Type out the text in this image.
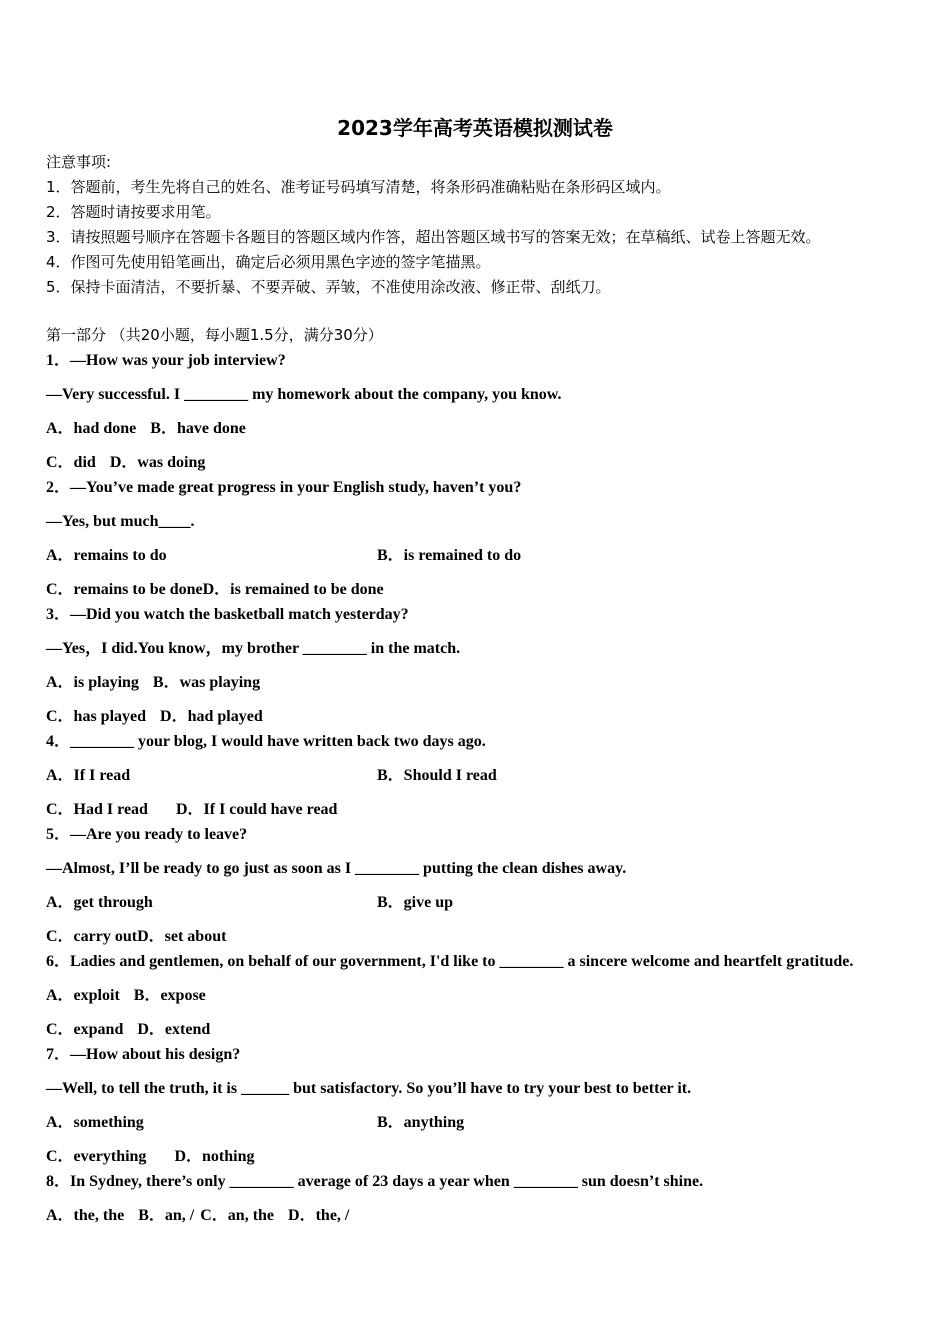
2023学年高考英语模拟测试卷
注意事项:
1．答题前，考生先将自己的姓名、准考证号码填写清楚，将条形码准确粘贴在条形码区域内。
2．答题时请按要求用笔。
3．请按照题号顺序在答题卡各题目的答题区域内作答，超出答题区域书写的答案无效；在草稿纸、试卷上答题无效。
4．作图可先使用铅笔画出，确定后必须用黑色字迹的签字笔描黑。
5．保持卡面清洁，不要折暴、不要弄破、弄皱，不准使用涂改液、修正带、刮纸刀。
第一部分 （共20小题，每小题1.5分，满分30分）
1．—How was your job interview?
—Very successful. I ________ my homework about the company, you know.
A．had done B．have done
C．did D．was doing
2．—You’ve made great progress in your English study, haven’t you?
—Yes, but much____.
A．remains to do	B．is remained to do
C．remains to be doneD．is remained to be done
3．—Did you watch the basketball match yesterday?
—Yes，I did.You know，my brother ________ in the match.
A．is playing B．was playing
C．has played D．had played
4．________ your blog, I would have written back two days ago.
A．If I read	B．Should I read
C．Had I read D．If I could have read
5．—Are you ready to leave?
—Almost, I’ll be ready to go just as soon as I ________ putting the clean dishes away.
A．get through	B．give up
C．carry outD．set about
6．Ladies and gentlemen, on behalf of our government, I'd like to ________ a sincere welcome and heartfelt gratitude.
A．exploit B．expose
C．expand D．extend
7．—How about his design?
—Well, to tell the truth, it is ______ but satisfactory. So you’ll have to try your best to better it.
A．something	B．anything
C．everything D．nothing
8．In Sydney, there’s only ________ average of 23 days a year when ________ sun doesn’t shine.
A．the, the B．an, / C．an, the D．the, /
